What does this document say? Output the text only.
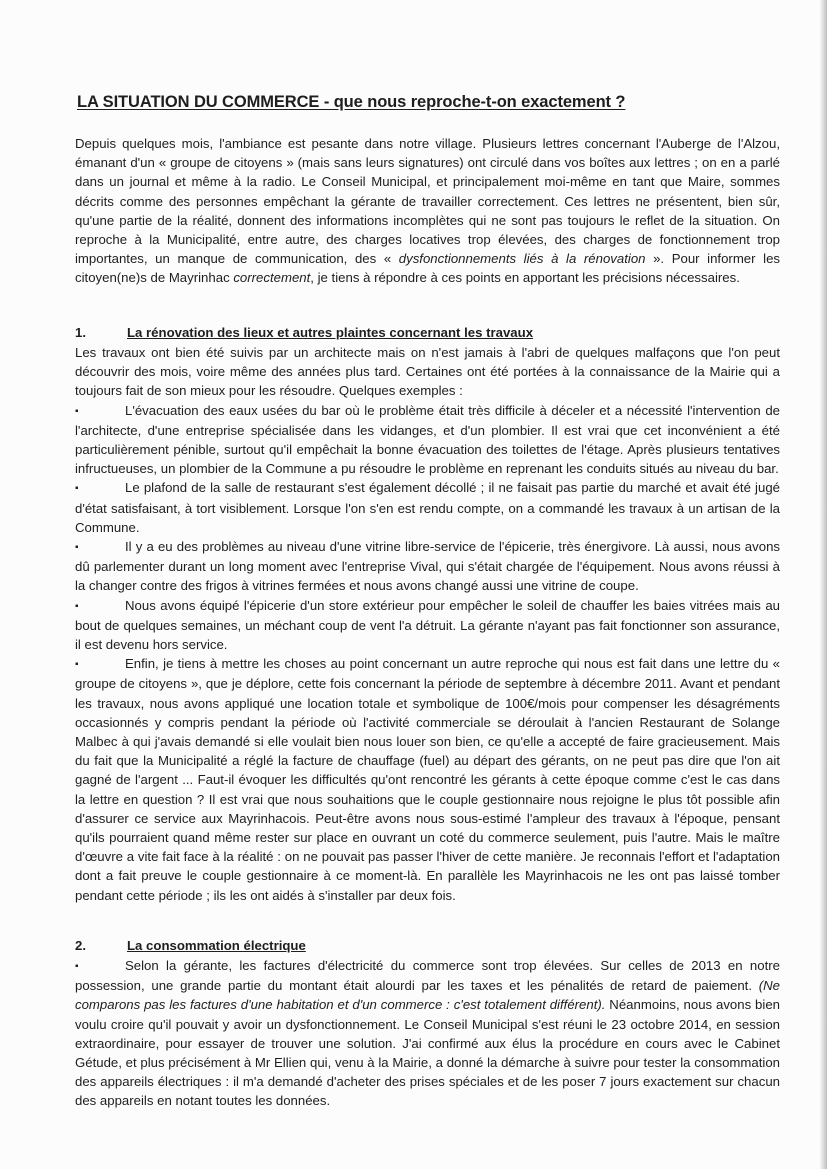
LA SITUATION DU COMMERCE - que nous reproche-t-on exactement ?

Depuis quelques mois, l'ambiance est pesante dans notre village. Plusieurs lettres concernant l'Auberge de l'Alzou, émanant d'un « groupe de citoyens » (mais sans leurs signatures) ont circulé dans vos boîtes aux lettres ; on en a parlé dans un journal et même à la radio. Le Conseil Municipal, et principalement moi-même en tant que Maire, sommes décrits comme des personnes empêchant la gérante de travailler correctement. Ces lettres ne présentent, bien sûr, qu'une partie de la réalité, donnent des informations incomplètes qui ne sont pas toujours le reflet de la situation. On reproche à la Municipalité, entre autre, des charges locatives trop élevées, des charges de fonctionnement trop importantes, un manque de communication, des « dysfonctionnements liés à la rénovation ». Pour informer les citoyen(ne)s de Mayrinhac correctement, je tiens à répondre à ces points en apportant les précisions nécessaires.

1.	La rénovation des lieux et autres plaintes concernant les travaux

Les travaux ont bien été suivis par un architecte mais on n'est jamais à l'abri de quelques malfaçons que l'on peut découvrir des mois, voire même des années plus tard. Certaines ont été portées à la connaissance de la Mairie qui a toujours fait de son mieux pour les résoudre. Quelques exemples :

▪	L'évacuation des eaux usées du bar où le problème était très difficile à déceler et a nécessité l'intervention de l'architecte, d'une entreprise spécialisée dans les vidanges, et d'un plombier. Il est vrai que cet inconvénient a été particulièrement pénible, surtout qu'il empêchait la bonne évacuation des toilettes de l'étage. Après plusieurs tentatives infructueuses, un plombier de la Commune a pu résoudre le problème en reprenant les conduits situés au niveau du bar.

▪	Le plafond de la salle de restaurant s'est également décollé ; il ne faisait pas partie du marché et avait été jugé d'état satisfaisant, à tort visiblement. Lorsque l'on s'en est rendu compte, on a commandé les travaux à un artisan de la Commune.

▪	Il y a eu des problèmes au niveau d'une vitrine libre-service de l'épicerie, très énergivore. Là aussi, nous avons dû parlementer durant un long moment avec l'entreprise Vival, qui s'était chargée de l'équipement. Nous avons réussi à la changer contre des frigos à vitrines fermées et nous avons changé aussi une vitrine de coupe.

▪	Nous avons équipé l'épicerie d'un store extérieur pour empêcher le soleil de chauffer les baies vitrées mais au bout de quelques semaines, un méchant coup de vent l'a détruit. La gérante n'ayant pas fait fonctionner son assurance, il est devenu hors service.

▪	Enfin, je tiens à mettre les choses au point concernant un autre reproche qui nous est fait dans une lettre du « groupe de citoyens », que je déplore, cette fois concernant la période de septembre à décembre 2011. Avant et pendant les travaux, nous avons appliqué une location totale et symbolique de 100€/mois pour compenser les désagréments occasionnés y compris pendant la période où l'activité commerciale se déroulait à l'ancien Restaurant de Solange Malbec à qui j'avais demandé si elle voulait bien nous louer son bien, ce qu'elle a accepté de faire gracieusement. Mais du fait que la Municipalité a réglé la facture de chauffage (fuel) au départ des gérants, on ne peut pas dire que l'on ait gagné de l'argent ... Faut-il évoquer les difficultés qu'ont rencontré les gérants à cette époque comme c'est le cas dans la lettre en question ? Il est vrai que nous souhaitions que le couple gestionnaire nous rejoigne le plus tôt possible afin d'assurer ce service aux Mayrinhacois. Peut-être avons nous sous-estimé l'ampleur des travaux à l'époque, pensant qu'ils pourraient quand même rester sur place en ouvrant un coté du commerce seulement, puis l'autre. Mais le maître d'œuvre a vite fait face à la réalité : on ne pouvait pas passer l'hiver de cette manière. Je reconnais l'effort et l'adaptation dont a fait preuve le couple gestionnaire à ce moment-là. En parallèle les Mayrinhacois ne les ont pas laissé tomber pendant cette période ; ils les ont aidés à s'installer par deux fois.

2.	La consommation électrique

▪	Selon la gérante, les factures d'électricité du commerce sont trop élevées. Sur celles de 2013 en notre possession, une grande partie du montant était alourdi par les taxes et les pénalités de retard de paiement. (Ne comparons pas les factures d'une habitation et d'un commerce : c'est totalement différent). Néanmoins, nous avons bien voulu croire qu'il pouvait y avoir un dysfonctionnement. Le Conseil Municipal s'est réuni le 23 octobre 2014, en session extraordinaire, pour essayer de trouver une solution. J'ai confirmé aux élus la procédure en cours avec le Cabinet Gétude, et plus précisément à Mr Ellien qui, venu à la Mairie, a donné la démarche à suivre pour tester la consommation des appareils électriques : il m'a demandé d'acheter des prises spéciales et de les poser 7 jours exactement sur chacun des appareils en notant toutes les données.
